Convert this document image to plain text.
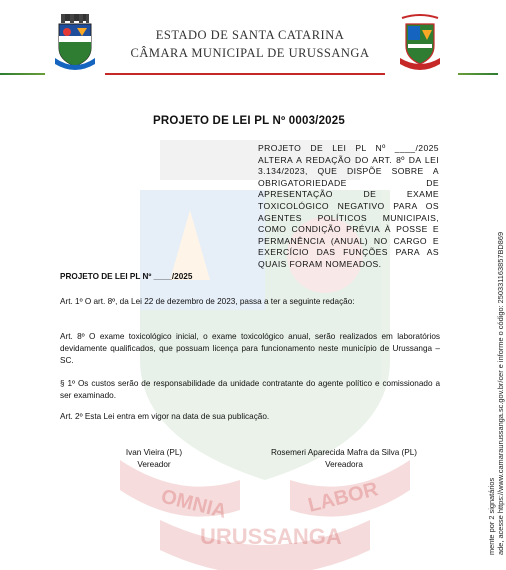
ESTADO DE SANTA CATARINA
CÂMARA MUNICIPAL DE URUSSANGA
OMNIA	LABOR
URUSSANGA
PROJETO DE LEI PL Nº 0003/2025
PROJETO DE LEI PL Nº ____/2025 ALTERA A REDAÇÃO DO ART. 8º DA LEI 3.134/2023, QUE DISPÕE SOBRE A OBRIGATORIEDADE DE APRESENTAÇÃO DE EXAME TOXICOLÓGICO NEGATIVO PARA OS AGENTES POLÍTICOS MUNICIPAIS, COMO CONDIÇÃO PRÉVIA À POSSE E PERMANÊNCIA (ANUAL) NO CARGO E EXERCÍCIO DAS FUNÇÕES PARA AS QUAIS FORAM NOMEADOS.
PROJETO DE LEI PL Nº ____/2025
Art. 1º O art. 8º, da Lei 22 de dezembro de 2023, passa a ter a seguinte redação:
Art. 8º O exame toxicológico inicial, o exame toxicológico anual, serão realizados em laboratórios devidamente qualificados, que possuam licença para funcionamento neste município de Urussanga – SC.
§ 1º Os custos serão de responsabilidade da unidade contratante do agente político e comissionado a ser examinado.
Art. 2º Esta Lei entra em vigor na data de sua publicação.
Ivan Vieira (PL)
Vereador
Rosemeri Aparecida Mafra da Silva (PL)
Vereadora
mente por 2 signatários ade, acesse https://www.camaraurussanga.sc.gov.br/cer e informe o código: 250331163857BD869
